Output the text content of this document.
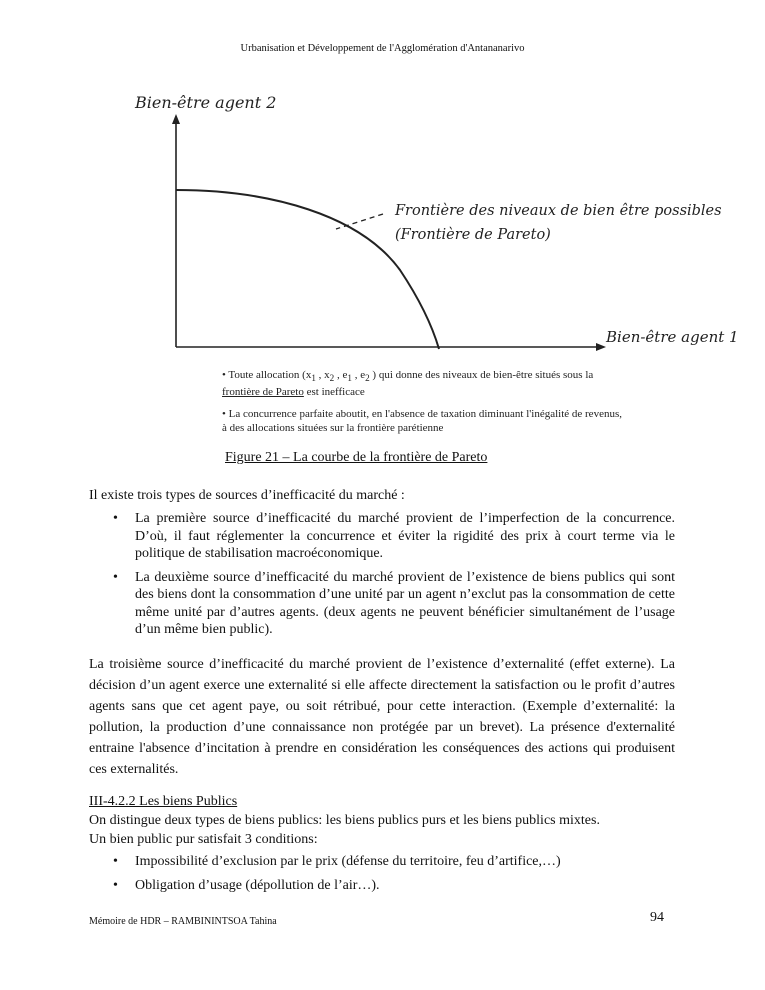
Urbanisation et Développement de l'Agglomération d'Antananarivo
Bien-être agent 2
Bien-être agent 1
Frontière des niveaux de bien être possibles
(Frontière de Pareto)
• Toute allocation ($x_1$ , $x_2$ , $e_1$ , $e_2$ ) qui donne des niveaux de bien-être situés sous la frontière de Pareto est inefficace
• La concurrence parfaite aboutit, en l'absence de taxation diminuant l'inégalité de revenus, à des allocations situées sur la frontière parétienne
Figure 21 – La courbe de la frontière de Pareto
Il existe trois types de sources d’inefficacité du marché :
• La première source d’inefficacité du marché provient de l’imperfection de la concurrence. D’où, il faut réglementer la concurrence et éviter la rigidité des prix à court terme via le politique de stabilisation macroéconomique.
• La deuxième source d’inefficacité du marché provient de l’existence de biens publics qui sont des biens dont la consommation d’une unité par un agent n’exclut pas la consommation de cette même unité par d’autres agents. (deux agents ne peuvent bénéficier simultanément de l’usage d’un même bien public).
La troisième source d’inefficacité du marché provient de l’existence d’externalité (effet externe). La décision d’un agent exerce une externalité si elle affecte directement la satisfaction ou le profit d’autres agents sans que cet agent paye, ou soit rétribué, pour cette interaction. (Exemple d’externalité: la pollution, la production d’une connaissance non protégée par un brevet). La présence d'externalité entraine l'absence d’incitation à prendre en considération les conséquences des actions qui produisent ces externalités.
III-4.2.2 Les biens Publics
On distingue deux types de biens publics: les biens publics purs et les biens publics mixtes.
Un bien public pur satisfait 3 conditions:
• Impossibilité d’exclusion par le prix (défense du territoire, feu d’artifice,…)
• Obligation d’usage (dépollution de l’air…).
Mémoire de HDR – RAMBININTSOA Tahina	94
